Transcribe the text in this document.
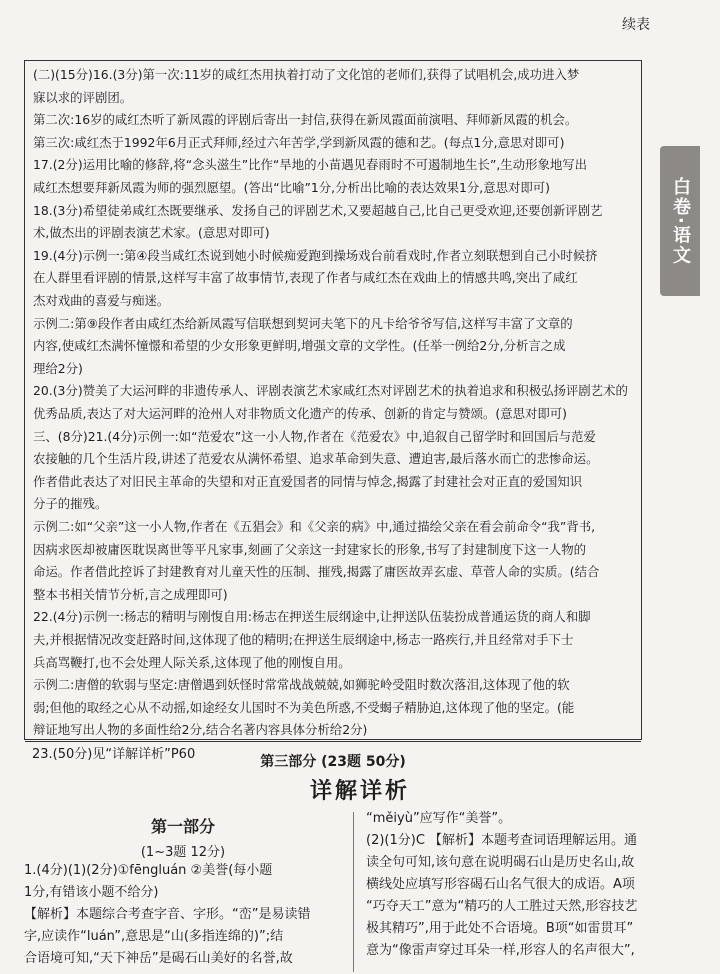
续表
第三部分 (23题 50分)
(二)(15分)16.(3分)第一次:11岁的咸红杰用执着打动了文化馆的老师们,获得了试唱机会,成功进入梦
寐以求的评剧团。
第二次:16岁的咸红杰听了新凤霞的评剧后寄出一封信,获得在新凤霞面前演唱、拜师新凤霞的机会。
第三次:咸红杰于1992年6月正式拜师,经过六年苦学,学到新凤霞的德和艺。(每点1分,意思对即可)
17.(2分)运用比喻的修辞,将“念头滋生”比作“旱地的小苗遇见春雨时不可遏制地生长”,生动形象地写出
咸红杰想要拜新凤霞为师的强烈愿望。(答出“比喻”1分,分析出比喻的表达效果1分,意思对即可)
18.(3分)希望徒弟咸红杰既要继承、发扬自己的评剧艺术,又要超越自己,比自己更受欢迎,还要创新评剧艺
术,做杰出的评剧表演艺术家。(意思对即可)
19.(4分)示例一:第④段当咸红杰说到她小时候痴爱跑到操场戏台前看戏时,作者立刻联想到自己小时候挤
在人群里看评剧的情景,这样写丰富了故事情节,表现了作者与咸红杰在戏曲上的情感共鸣,突出了咸红
杰对戏曲的喜爱与痴迷。
示例二:第⑨段作者由咸红杰给新凤霞写信联想到契诃夫笔下的凡卡给爷爷写信,这样写丰富了文章的
内容,使咸红杰满怀憧憬和希望的少女形象更鲜明,增强文章的文学性。(任举一例给2分,分析言之成
理给2分)
20.(3分)赞美了大运河畔的非遗传承人、评剧表演艺术家咸红杰对评剧艺术的执着追求和积极弘扬评剧艺术的
优秀品质,表达了对大运河畔的沧州人对非物质文化遗产的传承、创新的肯定与赞颂。(意思对即可)
三、(8分)21.(4分)示例一:如“范爱农”这一小人物,作者在《范爱农》中,追叙自己留学时和回国后与范爱
农接触的几个生活片段,讲述了范爱农从满怀希望、追求革命到失意、遭迫害,最后落水而亡的悲惨命运。
作者借此表达了对旧民主革命的失望和对正直爱国者的同情与悼念,揭露了封建社会对正直的爱国知识
分子的摧残。
示例二:如“父亲”这一小人物,作者在《五猖会》和《父亲的病》中,通过描绘父亲在看会前命令“我”背书,
因病求医却被庸医耽误离世等平凡家事,刻画了父亲这一封建家长的形象,书写了封建制度下这一人物的
命运。作者借此控诉了封建教育对儿童天性的压制、摧残,揭露了庸医故弄玄虚、草菅人命的实质。(结合
整本书相关情节分析,言之成理即可)
22.(4分)示例一:杨志的精明与刚愎自用:杨志在押送生辰纲途中,让押送队伍装扮成普通运货的商人和脚
夫,并根据情况改变赶路时间,这体现了他的精明;在押送生辰纲途中,杨志一路疾行,并且经常对手下士
兵高骂鞭打,也不会处理人际关系,这体现了他的刚愎自用。
示例二:唐僧的软弱与坚定:唐僧遇到妖怪时常常战战兢兢,如狮驼岭受阻时数次落泪,这体现了他的软
弱;但他的取经之心从不动摇,如途经女儿国时不为美色所惑,不受蝎子精胁迫,这体现了他的坚定。(能
辩证地写出人物的多面性给2分,结合名著内容具体分析给2分)
23.(50分)见“详解详析”P60
白卷·语文
详解详析
第一部分
(1~3题 12分)
1.(4分)(1)(2分)①fēngluán ②美誉(每小题
1分,有错该小题不给分)
【解析】本题综合考查字音、字形。“峦”是易读错
字,应读作“luán”,意思是“山(多指连绵的)”;结
合语境可知,“天下神岳”是碣石山美好的名誉,故
“měiyù”应写作“美誉”。
(2)(1分)C 【解析】本题考查词语理解运用。通
读全句可知,该句意在说明碣石山是历史名山,故
横线处应填写形容碣石山名气很大的成语。A项
“巧夺天工”意为“精巧的人工胜过天然,形容技艺
极其精巧”,用于此处不合语境。B项“如雷贯耳”
意为“像雷声穿过耳朵一样,形容人的名声很大”,
